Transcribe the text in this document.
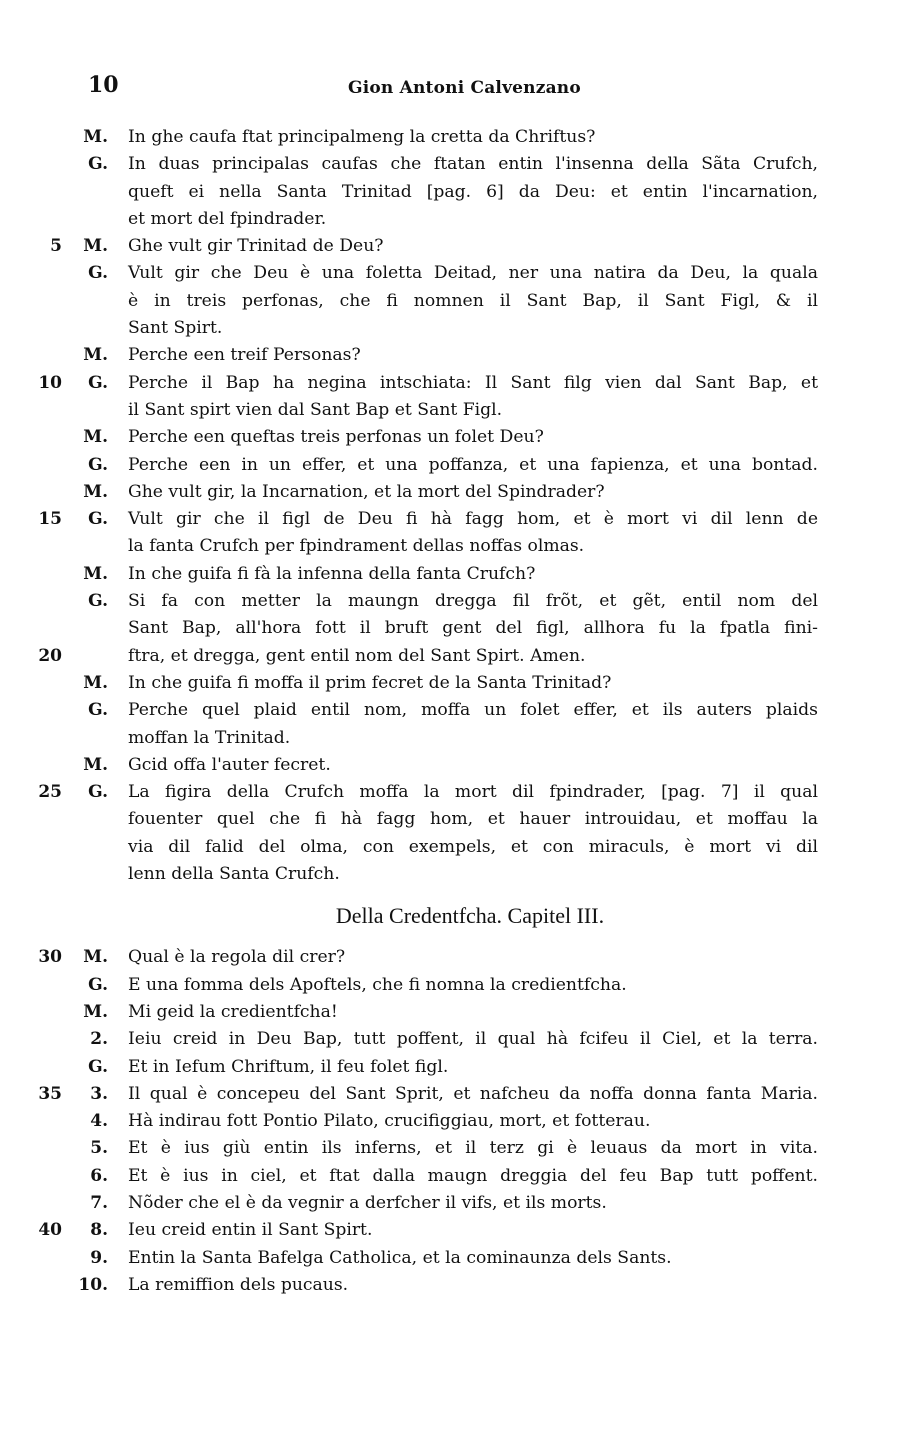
10	Gion Antoni Calvenzano
M. In ghe caufa ftat principalmeng la cretta da Chriftus?
G. In duas principalas caufas che ftatan entin l'insenna della Sãta Crufch,
queft ei nella Santa Trinitad [pag. 6] da Deu: et entin l'incarnation,
et mort del fpindrader.
5	M. Ghe vult gir Trinitad de Deu?
G. Vult gir che Deu è una foletta Deitad, ner una natira da Deu, la quala
è in treis perfonas, che fi nomnen il Sant Bap, il Sant Figl, & il
Sant Spirt.
M. Perche een treif Personas?
10	G. Perche il Bap ha negina intschiata: Il Sant filg vien dal Sant Bap, et
il Sant spirt vien dal Sant Bap et Sant Figl.
M. Perche een queftas treis perfonas un folet Deu?
G. Perche een in un effer, et una poffanza, et una fapienza, et una bontad.
M. Ghe vult gir, la Incarnation, et la mort del Spindrader?
15	G. Vult gir che il figl de Deu fi hà fagg hom, et è mort vi dil lenn de
la fanta Crufch per fpindrament dellas noffas olmas.
M. In che guifa fi fà la infenna della fanta Crufch?
G. Si fa con metter la maungn dregga fil frõt, et gẽt, entil nom del
Sant Bap, all'hora fott il bruft gent del figl, allhora fu la fpatla fini-
20	ftra, et dregga, gent entil nom del Sant Spirt. Amen.
M. In che guifa fi moffa il prim fecret de la Santa Trinitad?
G. Perche quel plaid entil nom, moffa un folet effer, et ils auters plaids
moffan la Trinitad.
M. Gcid offa l'auter fecret.
25	G. La figira della Crufch moffa la mort dil fpindrader, [pag. 7] il qual
fouenter quel che fi hà fagg hom, et hauer introuidau, et moffau la
via dil falid del olma, con exempels, et con miraculs, è mort vi dil
lenn della Santa Crufch.
Della Credentfcha. Capitel III.
30	M. Qual è la regola dil crer?
G. E una fomma dels Apoftels, che fi nomna la credientfcha.
M. Mi geid la credientfcha!
2. Ieiu creid in Deu Bap, tutt poffent, il qual hà fcifeu il Ciel, et la terra.
G. Et in Iefum Chriftum, il feu folet figl.
35	3. Il qual è concepeu del Sant Sprit, et nafcheu da noffa donna fanta Maria.
4. Hà indirau fott Pontio Pilato, crucifiggiau, mort, et fotterau.
5. Et è ius giù entin ils inferns, et il terz gi è leuaus da mort in vita.
6. Et è ius in ciel, et ftat dalla maugn dreggia del feu Bap tutt poffent.
7. Nõder che el è da vegnir a derfcher il vifs, et ils morts.
40	8. Ieu creid entin il Sant Spirt.
9. Entin la Santa Bafelga Catholica, et la cominaunza dels Sants.
10. La remiffion dels pucaus.
